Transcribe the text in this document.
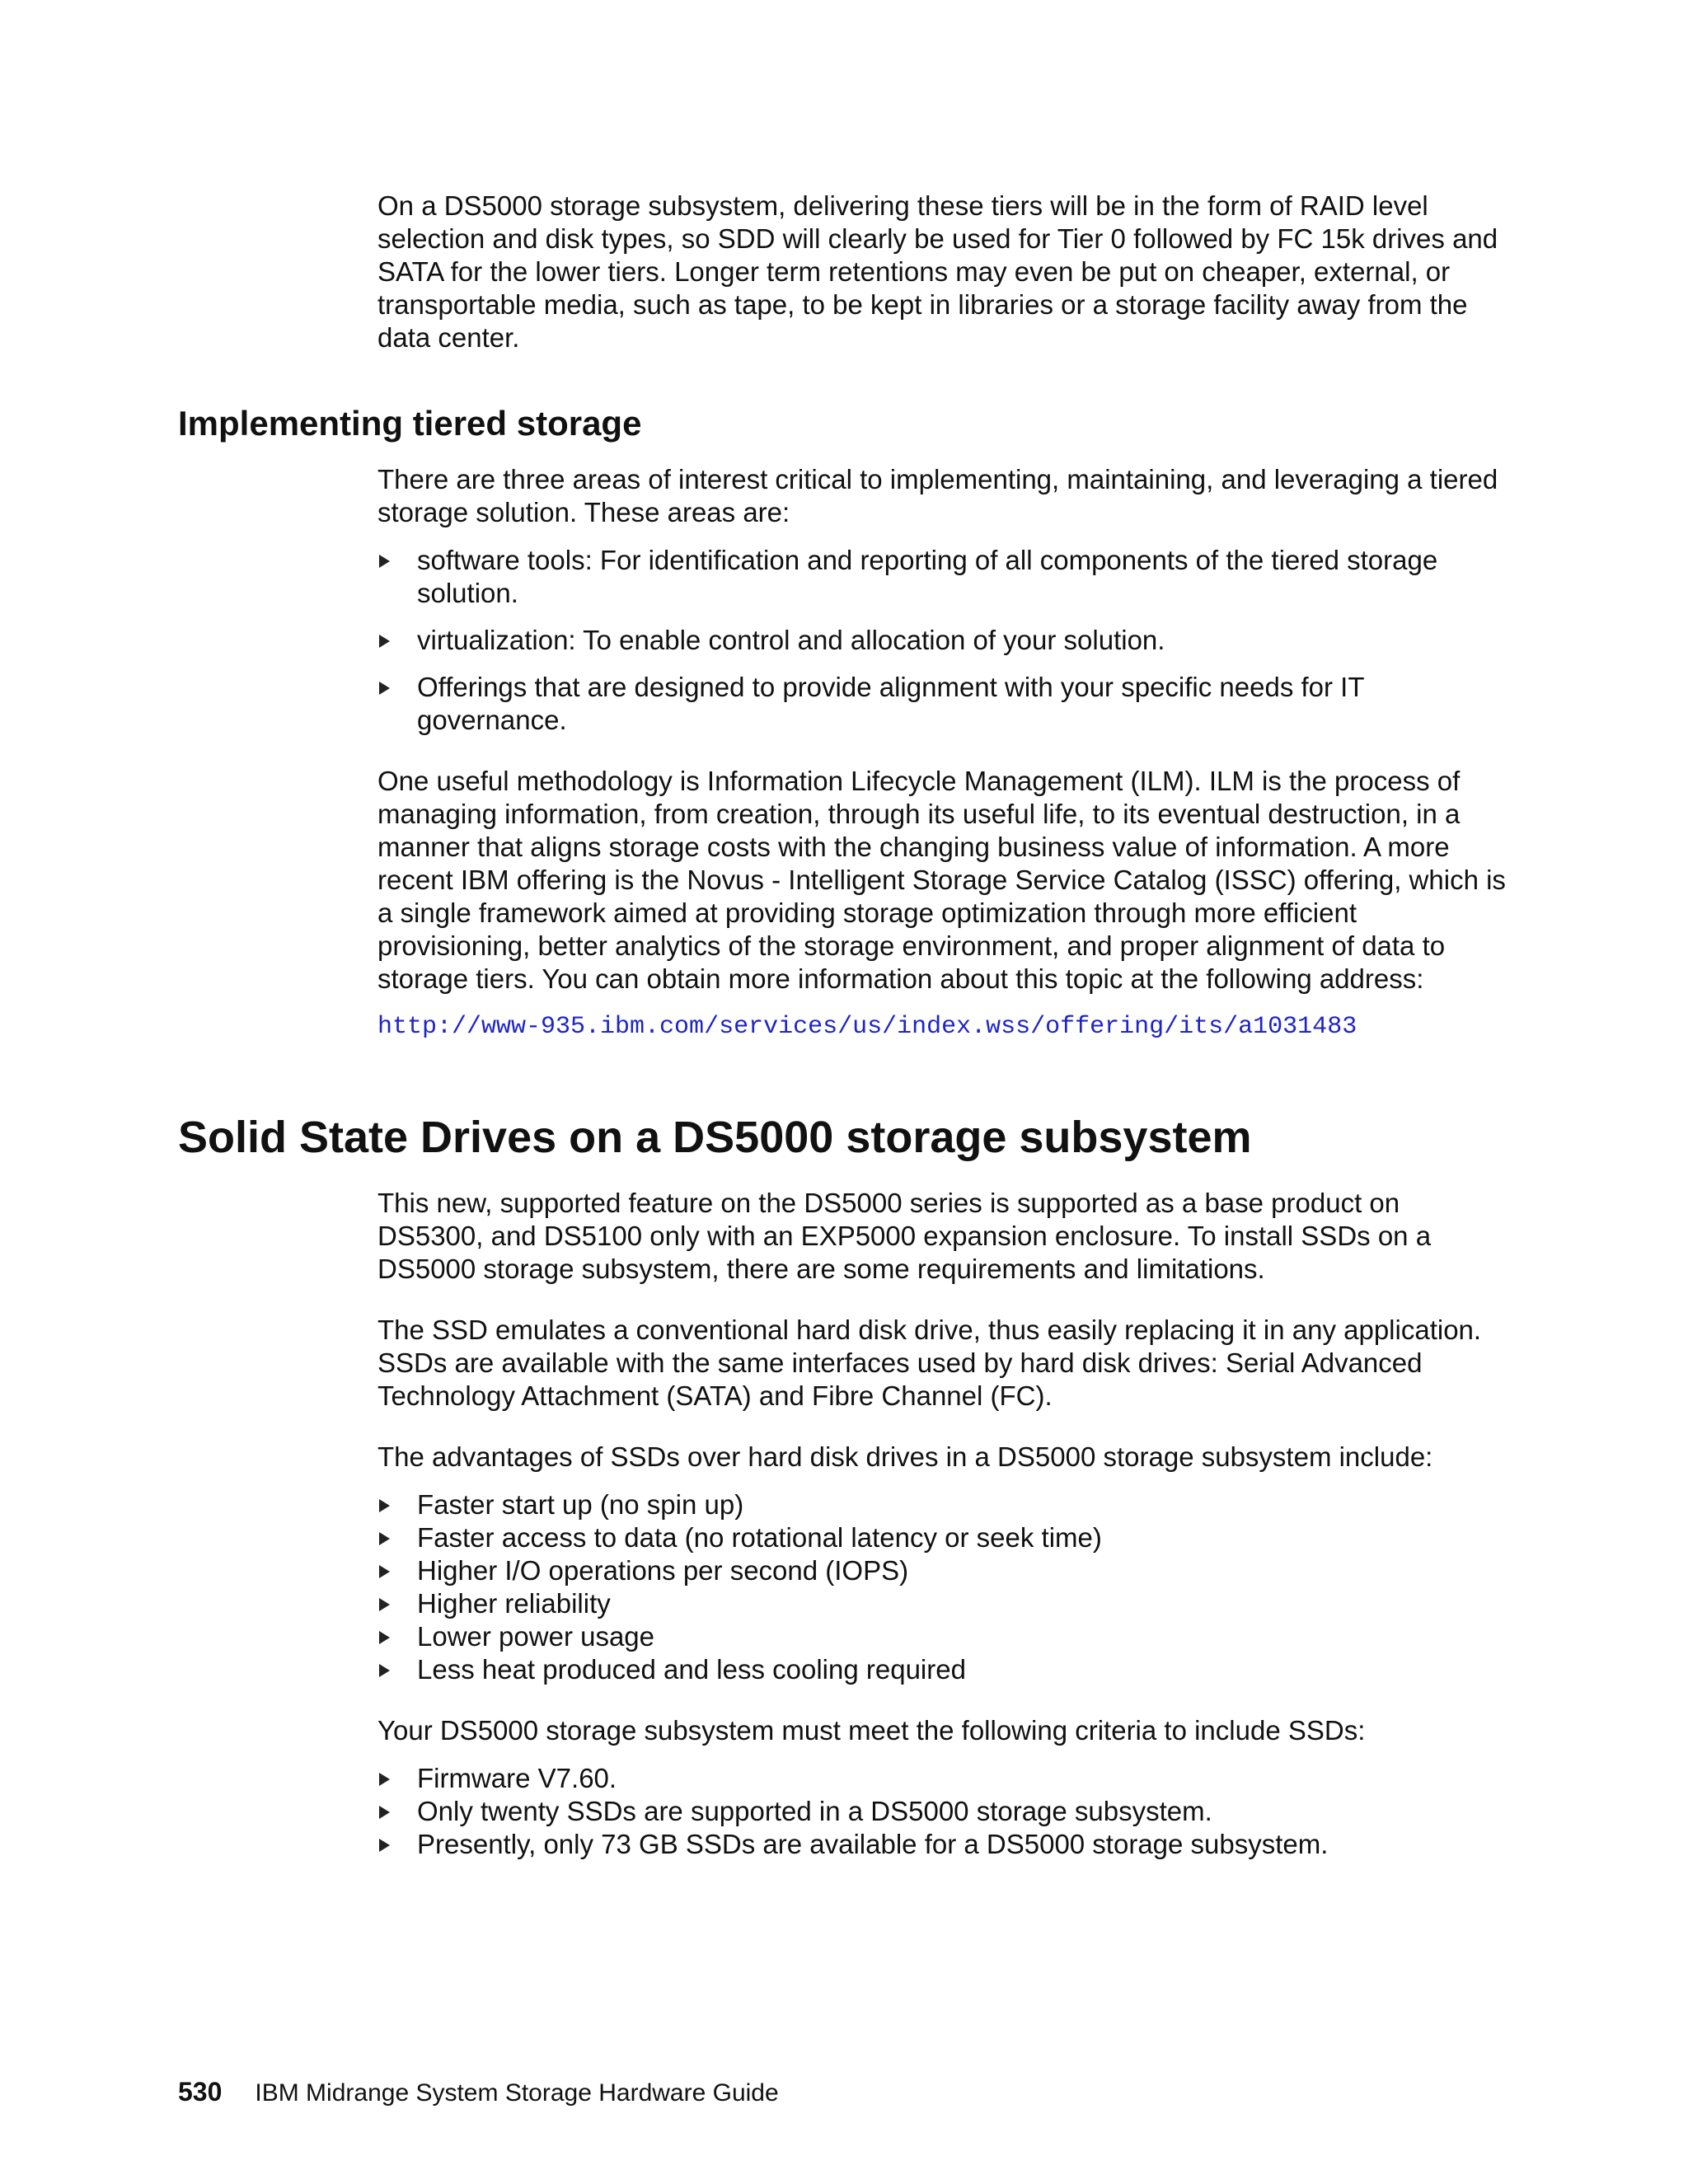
On a DS5000 storage subsystem, delivering these tiers will be in the form of RAID level selection and disk types, so SDD will clearly be used for Tier 0 followed by FC 15k drives and SATA for the lower tiers. Longer term retentions may even be put on cheaper, external, or transportable media, such as tape, to be kept in libraries or a storage facility away from the data center.

Implementing tiered storage

There are three areas of interest critical to implementing, maintaining, and leveraging a tiered storage solution. These areas are:

software tools: For identification and reporting of all components of the tiered storage solution.
virtualization: To enable control and allocation of your solution.
Offerings that are designed to provide alignment with your specific needs for IT governance.

One useful methodology is Information Lifecycle Management (ILM). ILM is the process of managing information, from creation, through its useful life, to its eventual destruction, in a manner that aligns storage costs with the changing business value of information. A more recent IBM offering is the Novus - Intelligent Storage Service Catalog (ISSC) offering, which is a single framework aimed at providing storage optimization through more efficient provisioning, better analytics of the storage environment, and proper alignment of data to storage tiers. You can obtain more information about this topic at the following address:

http://www-935.ibm.com/services/us/index.wss/offering/its/a1031483
Solid State Drives on a DS5000 storage subsystem

This new, supported feature on the DS5000 series is supported as a base product on DS5300, and DS5100 only with an EXP5000 expansion enclosure. To install SSDs on a DS5000 storage subsystem, there are some requirements and limitations.

The SSD emulates a conventional hard disk drive, thus easily replacing it in any application. SSDs are available with the same interfaces used by hard disk drives: Serial Advanced Technology Attachment (SATA) and Fibre Channel (FC).

The advantages of SSDs over hard disk drives in a DS5000 storage subsystem include:

Faster start up (no spin up)
Faster access to data (no rotational latency or seek time)
Higher I/O operations per second (IOPS)
Higher reliability
Lower power usage
Less heat produced and less cooling required

Your DS5000 storage subsystem must meet the following criteria to include SSDs:

Firmware V7.60.
Only twenty SSDs are supported in a DS5000 storage subsystem.
Presently, only 73 GB SSDs are available for a DS5000 storage subsystem.
530 IBM Midrange System Storage Hardware Guide
